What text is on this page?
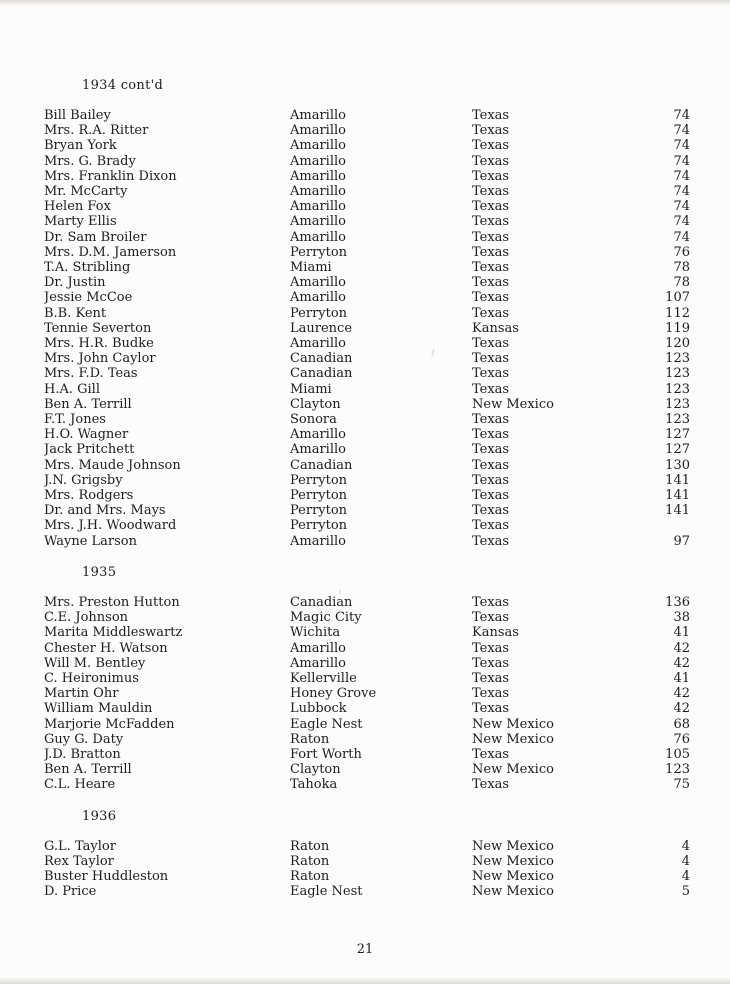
1934 cont'd
Bill Bailey	Amarillo	Texas	74
Mrs. R.A. Ritter	Amarillo	Texas	74
Bryan York	Amarillo	Texas	74
Mrs. G. Brady	Amarillo	Texas	74
Mrs. Franklin Dixon	Amarillo	Texas	74
Mr. McCarty	Amarillo	Texas	74
Helen Fox	Amarillo	Texas	74
Marty Ellis	Amarillo	Texas	74
Dr. Sam Broiler	Amarillo	Texas	74
Mrs. D.M. Jamerson	Perryton	Texas	76
T.A. Stribling	Miami	Texas	78
Dr. Justin	Amarillo	Texas	78
Jessie McCoe	Amarillo	Texas	107
B.B. Kent	Perryton	Texas	112
Tennie Severton	Laurence	Kansas	119
Mrs. H.R. Budke	Amarillo	Texas	120
Mrs. John Caylor	Canadian	Texas	123
Mrs. F.D. Teas	Canadian	Texas	123
H.A. Gill	Miami	Texas	123
Ben A. Terrill	Clayton	New Mexico	123
F.T. Jones	Sonora	Texas	123
H.O. Wagner	Amarillo	Texas	127
Jack Pritchett	Amarillo	Texas	127
Mrs. Maude Johnson	Canadian	Texas	130
J.N. Grigsby	Perryton	Texas	141
Mrs. Rodgers	Perryton	Texas	141
Dr. and Mrs. Mays	Perryton	Texas	141
Mrs. J.H. Woodward	Perryton	Texas
Wayne Larson	Amarillo	Texas	97
1935
Mrs. Preston Hutton	Canadian	Texas	136
C.E. Johnson	Magic City	Texas	38
Marita Middleswartz	Wichita	Kansas	41
Chester H. Watson	Amarillo	Texas	42
Will M. Bentley	Amarillo	Texas	42
C. Heironimus	Kellerville	Texas	41
Martin Ohr	Honey Grove	Texas	42
William Mauldin	Lubbock	Texas	42
Marjorie McFadden	Eagle Nest	New Mexico	68
Guy G. Daty	Raton	New Mexico	76
J.D. Bratton	Fort Worth	Texas	105
Ben A. Terrill	Clayton	New Mexico	123
C.L. Heare	Tahoka	Texas	75
1936
G.L. Taylor	Raton	New Mexico	4
Rex Taylor	Raton	New Mexico	4
Buster Huddleston	Raton	New Mexico	4
D. Price	Eagle Nest	New Mexico	5
21
